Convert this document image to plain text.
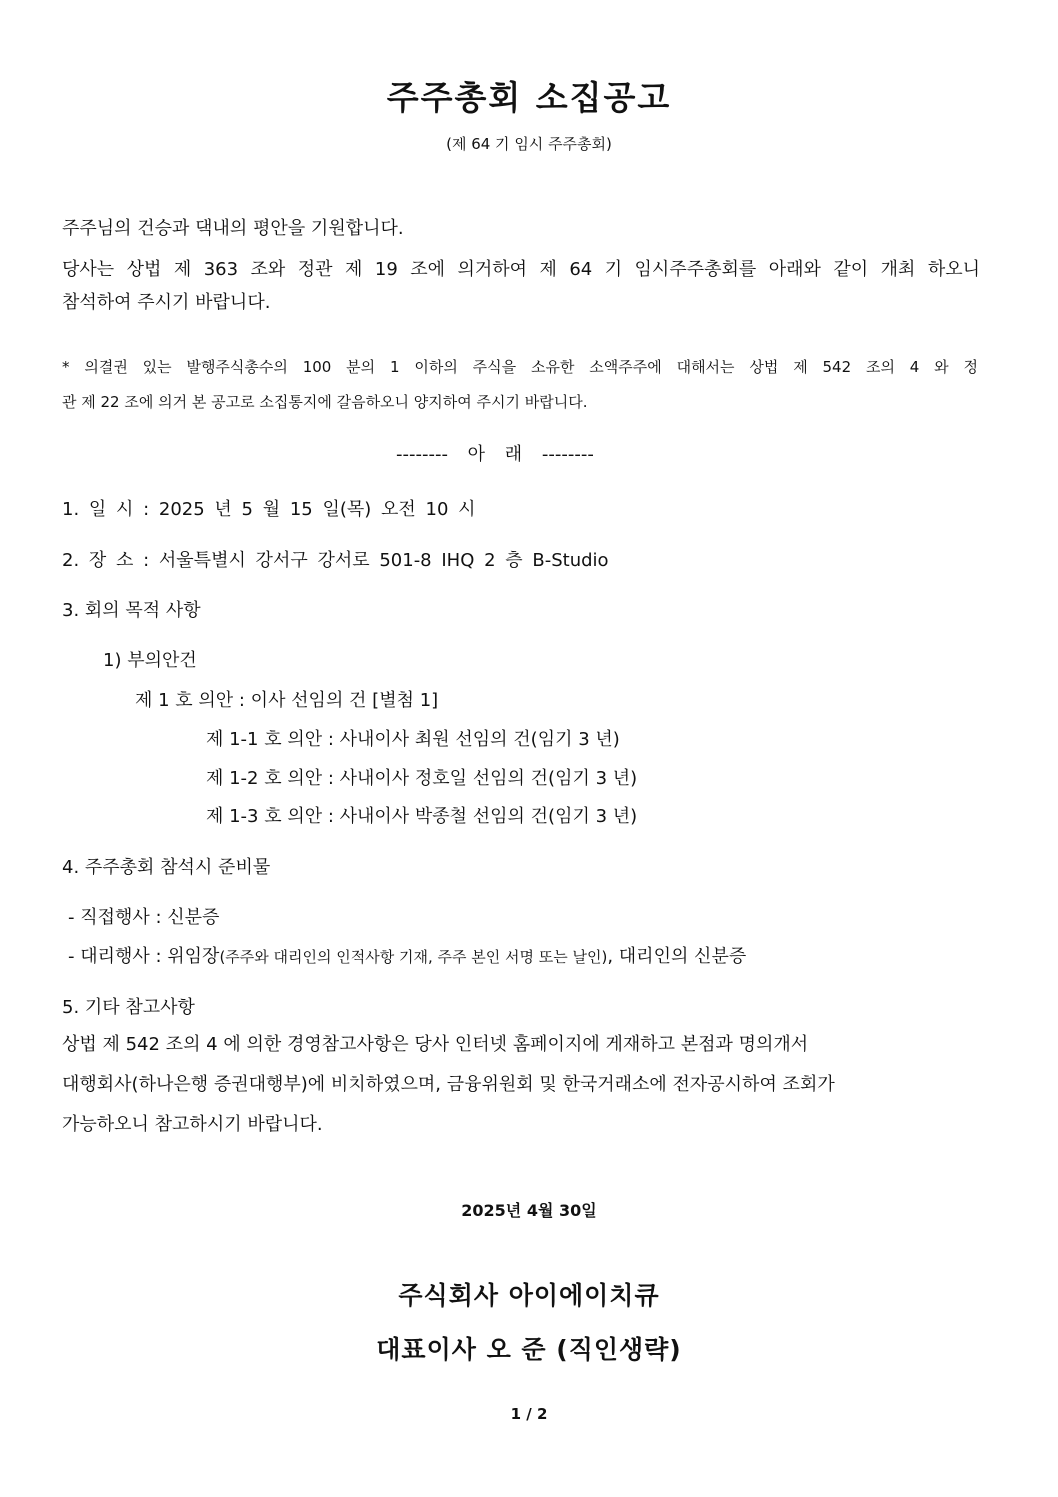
주주총회 소집공고
(제 64 기 임시 주주총회)
주주님의 건승과 댁내의 평안을 기원합니다.
당사는 상법 제 363 조와 정관 제 19 조에 의거하여 제 64 기 임시주주총회를 아래와 같이 개최 하오니
참석하여 주시기 바랍니다.
* 의결권 있는 발행주식총수의 100 분의 1 이하의 주식을 소유한 소액주주에 대해서는 상법 제 542 조의 4 와 정
관 제 22 조에 의거 본 공고로 소집통지에 갈음하오니 양지하여 주시기 바랍니다.
-------- 아 래 --------
1. 일 시 : 2025 년 5 월 15 일(목) 오전 10 시
2. 장 소 : 서울특별시 강서구 강서로 501-8 IHQ 2 층 B-Studio
3. 회의 목적 사항
1) 부의안건
제 1 호 의안 : 이사 선임의 건 [별첨 1]
제 1-1 호 의안 : 사내이사 최원 선임의 건(임기 3 년)
제 1-2 호 의안 : 사내이사 정호일 선임의 건(임기 3 년)
제 1-3 호 의안 : 사내이사 박종철 선임의 건(임기 3 년)
4. 주주총회 참석시 준비물
- 직접행사 : 신분증
- 대리행사 : 위임장(주주와 대리인의 인적사항 기재, 주주 본인 서명 또는 날인), 대리인의 신분증
5. 기타 참고사항
상법 제 542 조의 4 에 의한 경영참고사항은 당사 인터넷 홈페이지에 게재하고 본점과 명의개서
대행회사(하나은행 증권대행부)에 비치하였으며, 금융위원회 및 한국거래소에 전자공시하여 조회가
가능하오니 참고하시기 바랍니다.
2025년 4월 30일
주식회사 아이에이치큐
대표이사 오 준 (직인생략)
1 / 2
